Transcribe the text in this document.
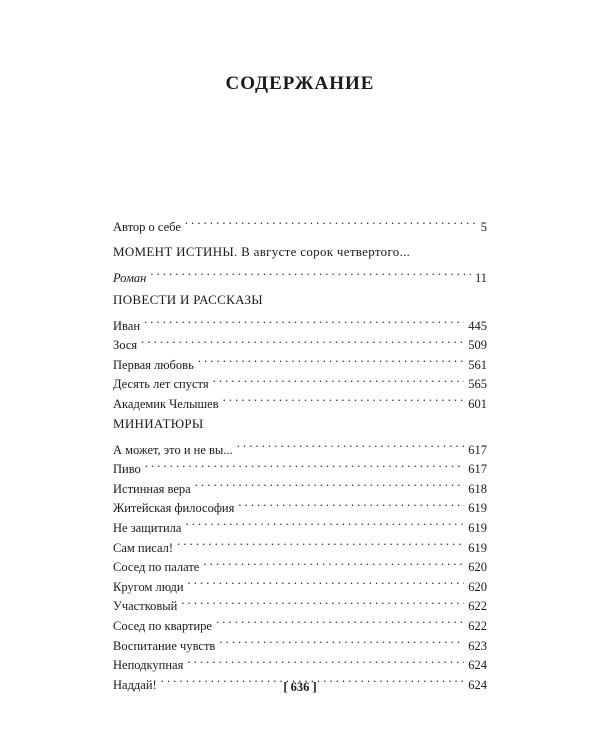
СОДЕРЖАНИЕ
Автор о себе . . .	5
МОМЕНТ ИСТИНЫ. В августе сорок четвертого...
Роман . . .	11
ПОВЕСТИ И РАССКАЗЫ
Иван . . .	445
Зося . . .	509
Первая любовь . . .	561
Десять лет спустя . . .	565
Академик Челышев . . .	601
МИНИАТЮРЫ
А может, это и не вы... . . .	617
Пиво . . .	617
Истинная вера . . .	618
Житейская философия . . .	619
Не защитила . . .	619
Сам писал! . . .	619
Сосед по палате . . .	620
Кругом люди . . .	620
Участковый . . .	622
Сосед по квартире . . .	622
Воспитание чувств . . .	623
Неподкупная . . .	624
Наддай! . . .	624
[ 636 ]
